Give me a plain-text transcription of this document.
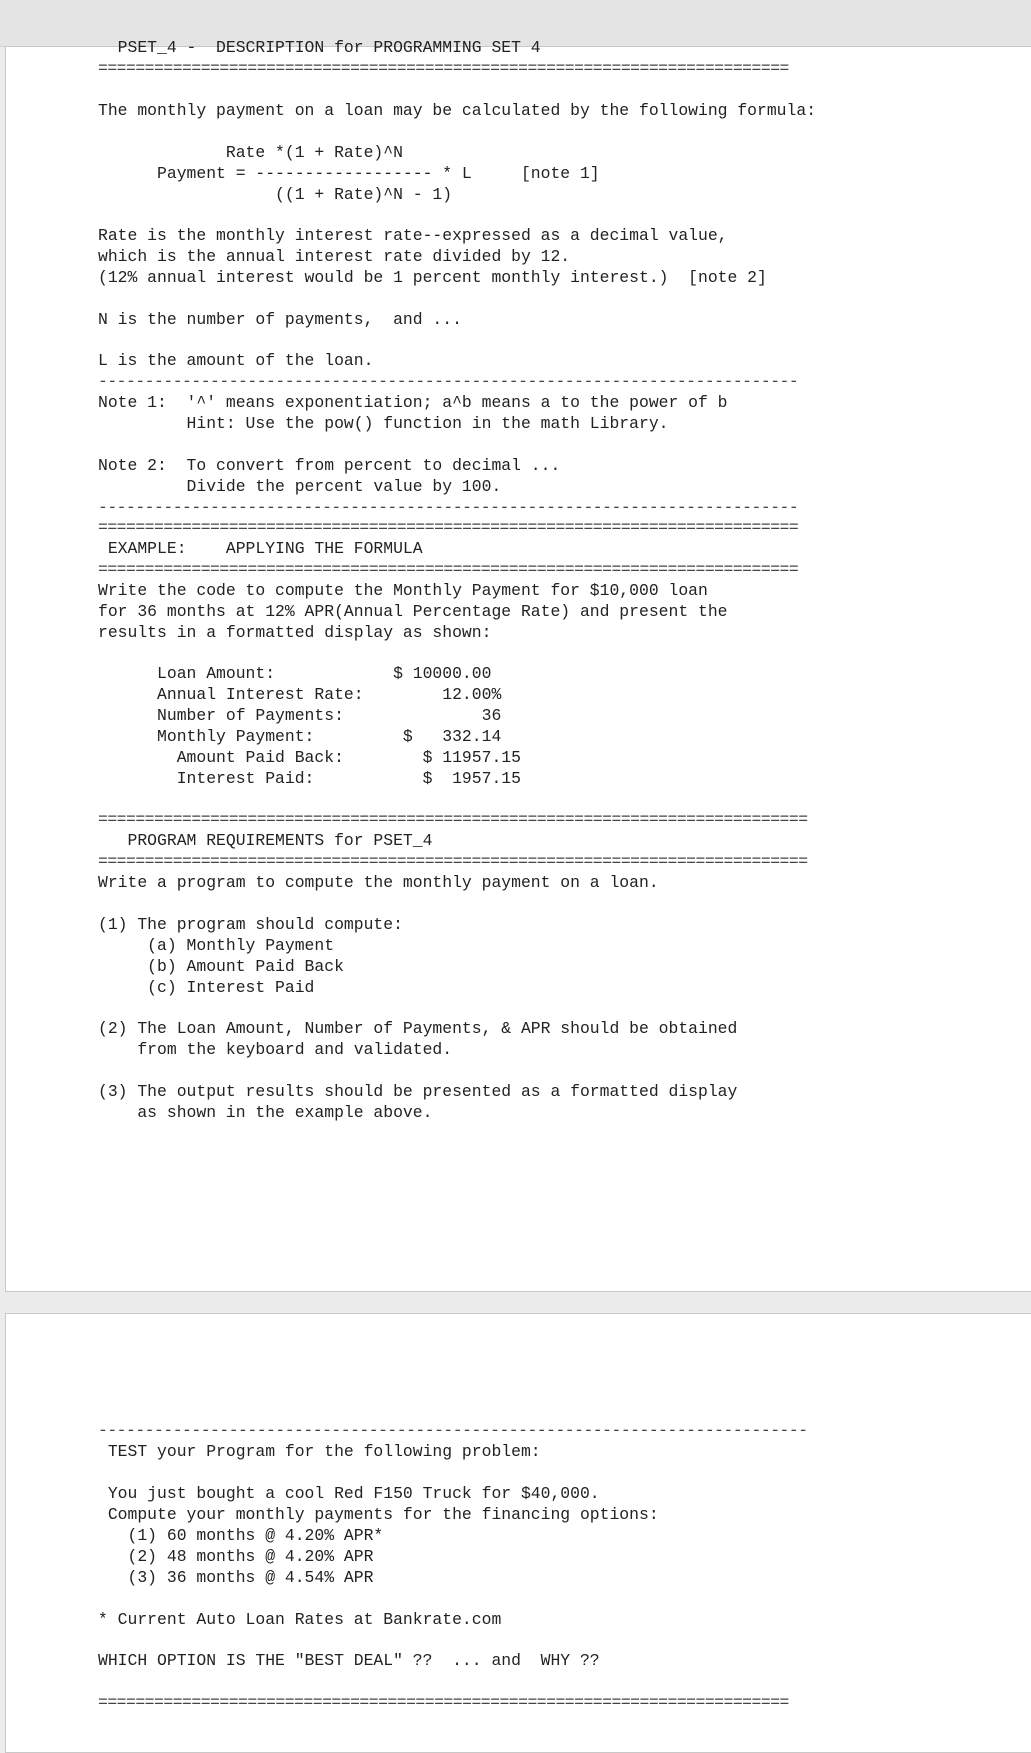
PSET_4 -  DESCRIPTION for PROGRAMMING SET 4
==========================================================================
The monthly payment on a loan may be calculated by the following formula:
Rate *(1 + Rate)^N
Payment = ------------------ * L     [note 1]
((1 + Rate)^N - 1)
Rate is the monthly interest rate--expressed as a decimal value,
which is the annual interest rate divided by 12.
(12% annual interest would be 1 percent monthly interest.)  [note 2]
N is the number of payments,  and ...
L is the amount of the loan.
---------------------------------------------------------------------------
Note 1:  '^' means exponentiation; a^b means a to the power of b
Hint: Use the pow() function in the math Library.
Note 2:  To convert from percent to decimal ...
Divide the percent value by 100.
---------------------------------------------------------------------------
===========================================================================
EXAMPLE:    APPLYING THE FORMULA
===========================================================================
Write the code to compute the Monthly Payment for $10,000 loan
for 36 months at 12% APR(Annual Percentage Rate) and present the
results in a formatted display as shown:
Loan Amount:            $ 10000.00
Annual Interest Rate:        12.00%
Number of Payments:              36
Monthly Payment:         $   332.14
Amount Paid Back:        $ 11957.15
Interest Paid:           $  1957.15
============================================================================
PROGRAM REQUIREMENTS for PSET_4
============================================================================
Write a program to compute the monthly payment on a loan.
(1) The program should compute:
(a) Monthly Payment
(b) Amount Paid Back
(c) Interest Paid
(2) The Loan Amount, Number of Payments, & APR should be obtained
from the keyboard and validated.
(3) The output results should be presented as a formatted display
as shown in the example above.
----------------------------------------------------------------------------
TEST your Program for the following problem:
You just bought a cool Red F150 Truck for $40,000.
Compute your monthly payments for the financing options:
(1) 60 months @ 4.20% APR*
(2) 48 months @ 4.20% APR
(3) 36 months @ 4.54% APR
* Current Auto Loan Rates at Bankrate.com
WHICH OPTION IS THE "BEST DEAL" ??  ... and  WHY ??
==========================================================================
